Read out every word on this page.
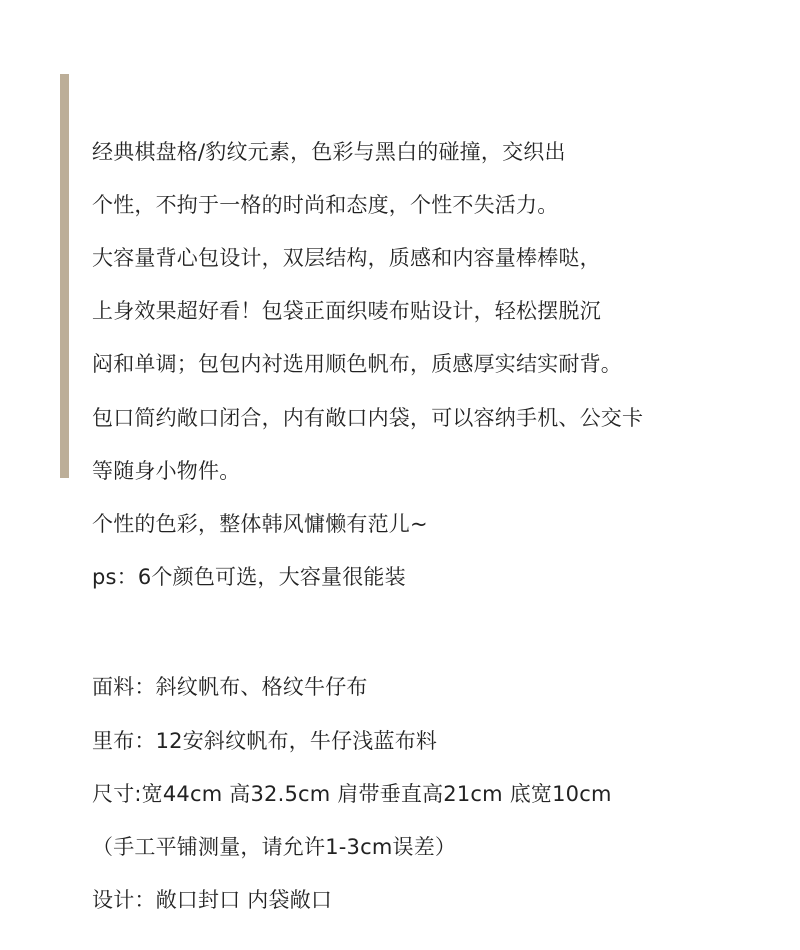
经典棋盘格/豹纹元素，色彩与黑白的碰撞，交织出

个性，不拘于一格的时尚和态度，个性不失活力。

大容量背心包设计，双层结构，质感和内容量棒棒哒，

上身效果超好看！包袋正面织唛布贴设计，轻松摆脱沉

闷和单调；包包内衬选用顺色帆布，质感厚实结实耐背。

包口简约敞口闭合，内有敞口内袋，可以容纳手机、公交卡

等随身小物件。

个性的色彩，整体韩风慵懒有范儿~

ps：6个颜色可选，大容量很能装

面料：斜纹帆布、格纹牛仔布

里布：12安斜纹帆布，牛仔浅蓝布料

尺寸:宽44cm 高32.5cm 肩带垂直高21cm 底宽10cm

（手工平铺测量，请允许1-3cm误差）

设计：敞口封口 内袋敞口
